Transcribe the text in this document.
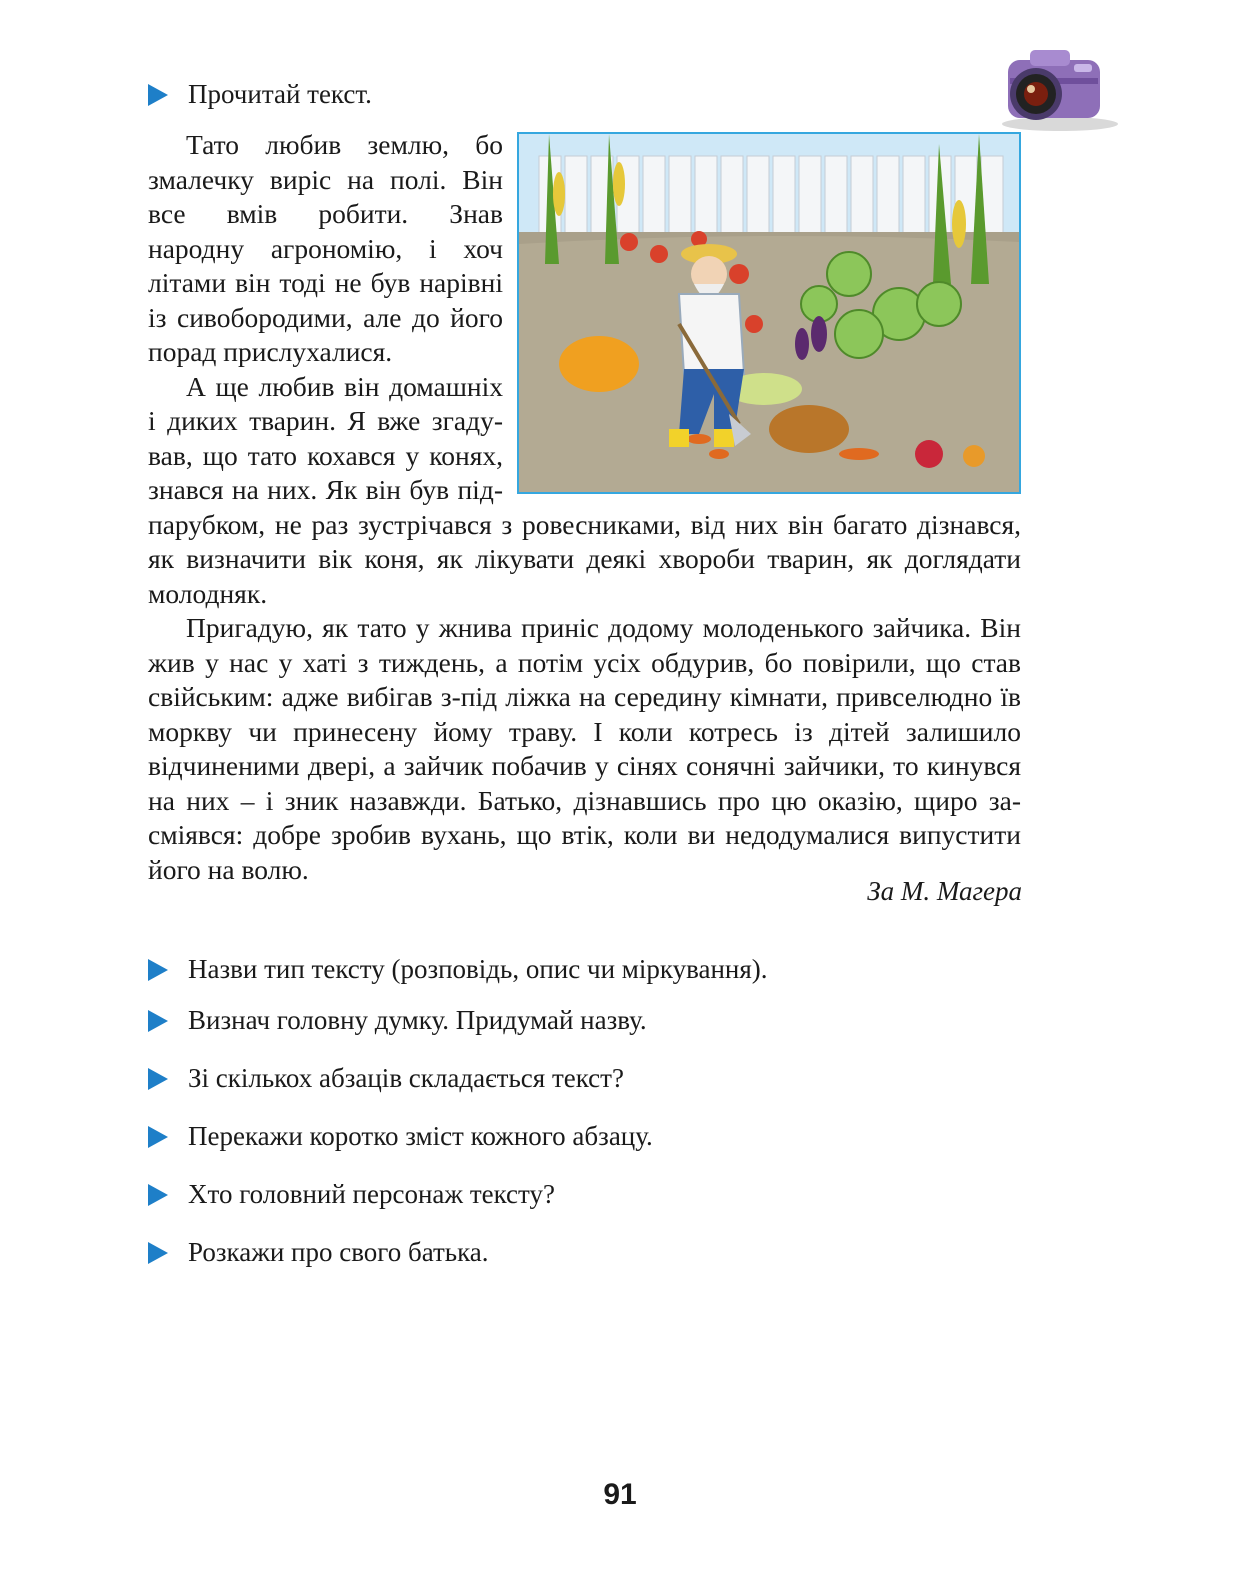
Прочитай текст.

Тато любив землю, бо змалечку виріс на полі. Він все вмів робити. Знав народну агрономію, і хоч літами він тоді не був нарівні із сивобородими, але до його порад прислухалися.

А ще любив він домашніх і диких тварин. Я вже згадував, що тато кохався у конях, знався на них. Як він був підпарубком, не раз зустрічався з ровесниками, від них він багато дізнався, як визначити вік коня, як лікувати деякі хвороби тварин, як доглядати молодняк.

Пригадую, як тато у жнива приніс додому молоденького зайчика. Він жив у нас у хаті з тиждень, а потім усіх обдурив, бо повірили, що став свійським: адже вибігав з-під ліжка на середину кімнати, привселюдно їв моркву чи принесену йому траву. І коли котресь із дітей залишило відчиненими двері, а зайчик побачив у сінях сонячні зайчики, то кинувся на них – і зник назавжди. Батько, дізнавшись про цю оказію, щиро засміявся: добре зробив вухань, що втік, коли ви недодумалися випустити його на волю.

За М. Магера
Назви тип тексту (розповідь, опис чи міркування).
Визнач головну думку. Придумай назву.
Зі скількох абзаців складається текст?
Перекажи коротко зміст кожного абзацу.
Хто головний персонаж тексту?
Розкажи про свого батька.
91
